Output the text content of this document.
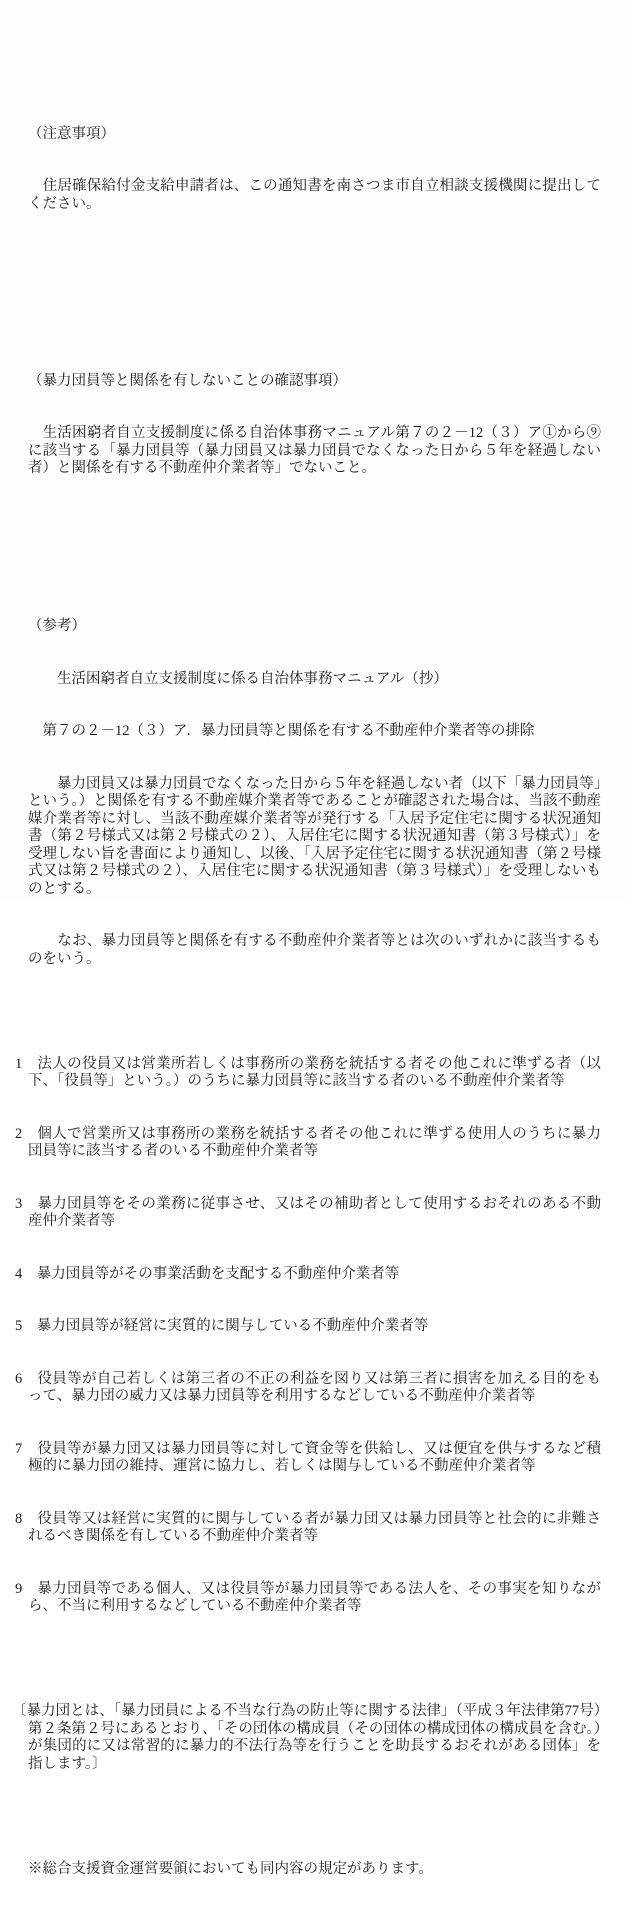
（注意事項）

　住居確保給付金支給申請者は、この通知書を南さつま市自立相談支援機関に提出してください。

（暴力団員等と関係を有しないことの確認事項）

　生活困窮者自立支援制度に係る自治体事務マニュアル第７の２－12（３）ア①から⑨に該当する「暴力団員等（暴力団員又は暴力団員でなくなった日から５年を経過しない者）と関係を有する不動産仲介業者等」でないこと。

（参考）

　　生活困窮者自立支援制度に係る自治体事務マニュアル（抄）

　第７の２－12（３）ア．暴力団員等と関係を有する不動産仲介業者等の排除

　　暴力団員又は暴力団員でなくなった日から５年を経過しない者（以下「暴力団員等」という。）と関係を有する不動産媒介業者等であることが確認された場合は、当該不動産媒介業者等に対し、当該不動産媒介業者等が発行する「入居予定住宅に関する状況通知書（第２号様式又は第２号様式の２）、入居住宅に関する状況通知書（第３号様式）」を受理しない旨を書面により通知し、以後、「入居予定住宅に関する状況通知書（第２号様式又は第２号様式の２）、入居住宅に関する状況通知書（第３号様式）」を受理しないものとする。

　　なお、暴力団員等と関係を有する不動産仲介業者等とは次のいずれかに該当するものをいう。

1　法人の役員又は営業所若しくは事務所の業務を統括する者その他これに準ずる者（以下、「役員等」という。）のうちに暴力団員等に該当する者のいる不動産仲介業者等

2　個人で営業所又は事務所の業務を統括する者その他これに準ずる使用人のうちに暴力団員等に該当する者のいる不動産仲介業者等

3　暴力団員等をその業務に従事させ、又はその補助者として使用するおそれのある不動産仲介業者等

4　暴力団員等がその事業活動を支配する不動産仲介業者等

5　暴力団員等が経営に実質的に関与している不動産仲介業者等

6　役員等が自己若しくは第三者の不正の利益を図り又は第三者に損害を加える目的をもって、暴力団の威力又は暴力団員等を利用するなどしている不動産仲介業者等

7　役員等が暴力団又は暴力団員等に対して資金等を供給し、又は便宜を供与するなど積極的に暴力団の維持、運営に協力し、若しくは関与している不動産仲介業者等

8　役員等又は経営に実質的に関与している者が暴力団又は暴力団員等と社会的に非難されるべき関係を有している不動産仲介業者等

9　暴力団員等である個人、又は役員等が暴力団員等である法人を、その事実を知りながら、不当に利用するなどしている不動産仲介業者等

〔暴力団とは、「暴力団員による不当な行為の防止等に関する法律」（平成３年法律第77号）第２条第２号にあるとおり、「その団体の構成員（その団体の構成団体の構成員を含む。）が集団的に又は常習的に暴力的不法行為等を行うことを助長するおそれがある団体」を指します。〕

※総合支援資金運営要領においても同内容の規定があります。
